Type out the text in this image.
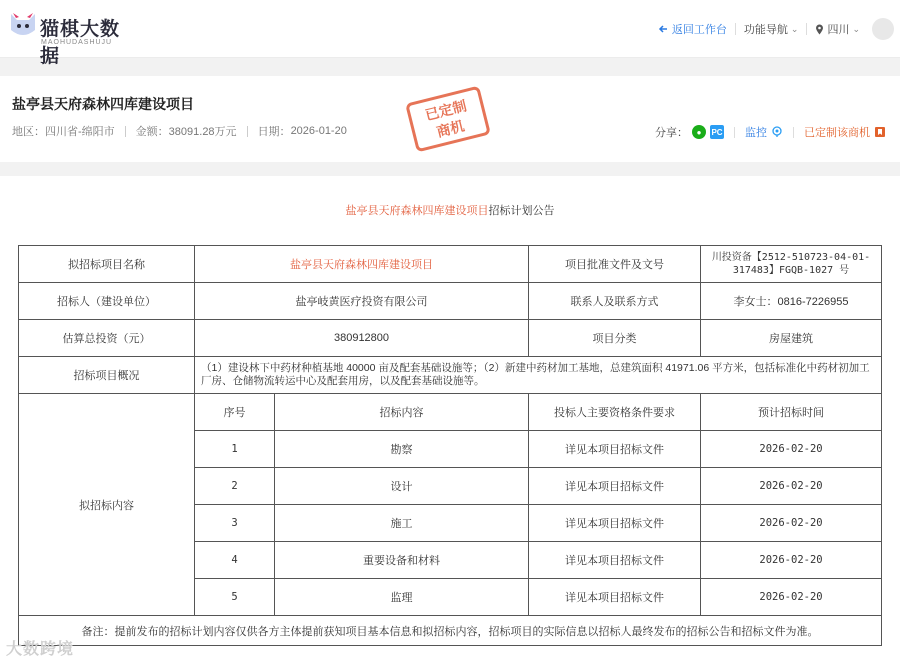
猫棋大数据
MAOHUDASHUJU
返回工作台 功能导航 ⌄	四川 ⌄
盐亭县天府森林四库建设项目
地区： 四川省-绵阳市 金额： 38091.28万元 日期： 2026-01-20
已定制
商机	分享：	●	PC 监控	已定制该商机
盐亭县天府森林四库建设项目招标计划公告
拟招标项目名称	盐亭县天府森林四库建设项目		项目批准文件及文号	川投资备【2512-510723-04-01-317483】FGQB-1027 号
招标人（建设单位）	盐亭岐黄医疗投资有限公司		联系人及联系方式	李女士：0816-7226955
估算总投资（元）	380912800		项目分类	房屋建筑
招标项目概况	（1）建设林下中药材种植基地 40000 亩及配套基础设施等；（2）新建中药材加工基地，总建筑面积 41971.06 平方米，包括标准化中药材初加工厂房、仓储物流转运中心及配套用房，以及配套基础设施等。			
拟招标内容	序号	招标内容	投标人主要资格条件要求	预计招标时间
	1	勘察	详见本项目招标文件	2026-02-20
	2	设计	详见本项目招标文件	2026-02-20
	3	施工	详见本项目招标文件	2026-02-20
	4	重要设备和材料	详见本项目招标文件	2026-02-20
	5	监理	详见本项目招标文件	2026-02-20
备注：提前发布的招标计划内容仅供各方主体提前获知项目基本信息和拟招标内容，招标项目的实际信息以招标人最终发布的招标公告和招标文件为准。				
大数跨境
